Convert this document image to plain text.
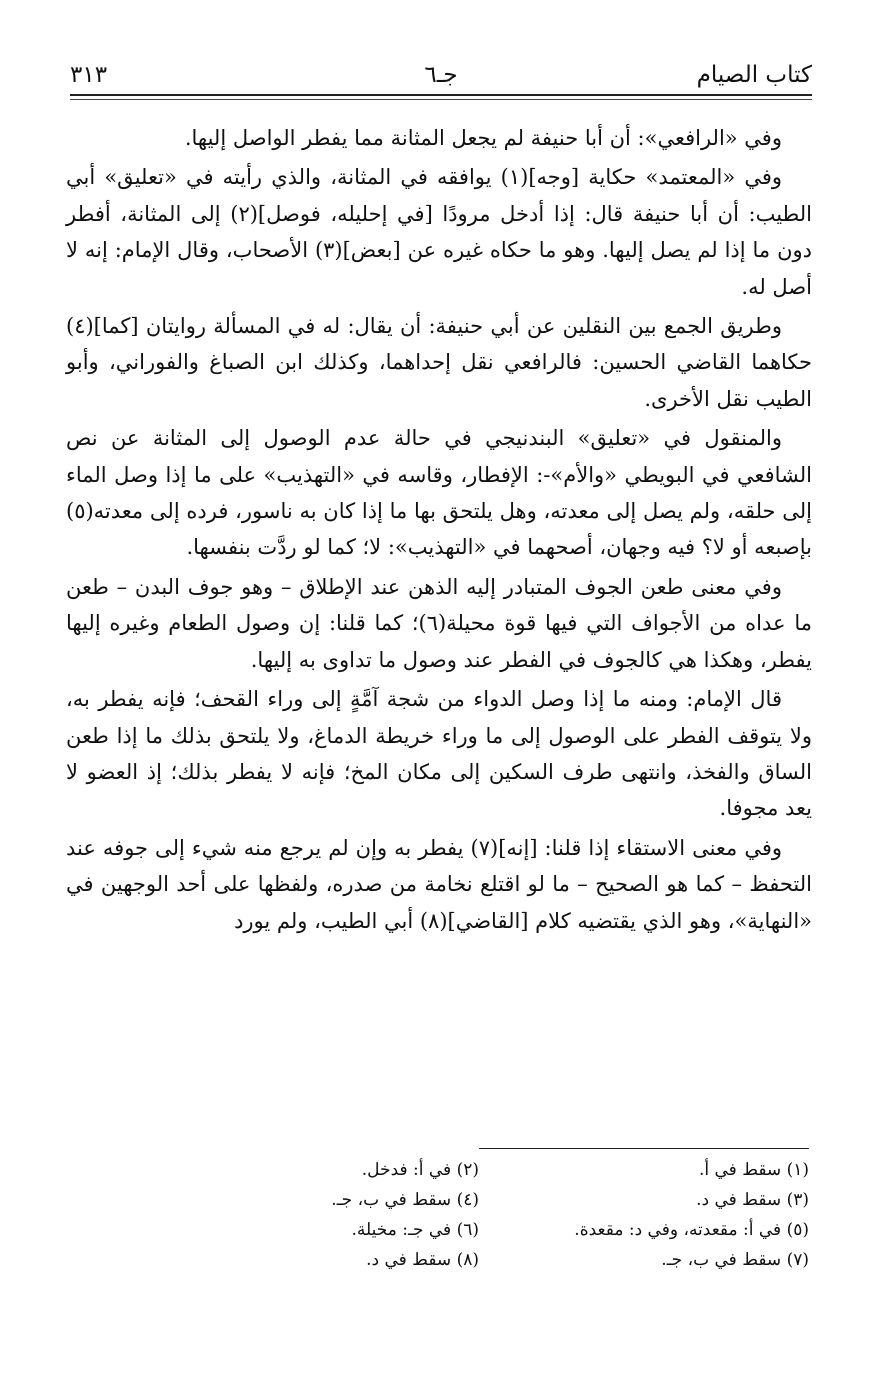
كتاب الصيام
جـ٦
٣١٣

وفي «الرافعي»: أن أبا حنيفة لم يجعل المثانة مما يفطر الواصل إليها.

وفي «المعتمد» حكاية [وجه](١) يوافقه في المثانة، والذي رأيته في «تعليق» أبي الطيب: أن أبا حنيفة قال: إذا أدخل مرودًا [في إحليله، فوصل](٢) إلى المثانة، أفطر دون ما إذا لم يصل إليها. وهو ما حكاه غيره عن [بعض](٣) الأصحاب، وقال الإمام: إنه لا أصل له.

وطريق الجمع بين النقلين عن أبي حنيفة: أن يقال: له في المسألة روايتان [كما](٤) حكاهما القاضي الحسين: فالرافعي نقل إحداهما، وكذلك ابن الصباغ والفوراني، وأبو الطيب نقل الأخرى.

والمنقول في «تعليق» البندنيجي في حالة عدم الوصول إلى المثانة عن نص الشافعي في البويطي «والأم»-: الإفطار، وقاسه في «التهذيب» على ما إذا وصل الماء إلى حلقه، ولم يصل إلى معدته، وهل يلتحق بها ما إذا كان به ناسور، فرده إلى معدته(٥) بإصبعه أو لا؟ فيه وجهان، أصحهما في «التهذيب»: لا؛ كما لو ردَّت بنفسها.

وفي معنى طعن الجوف المتبادر إليه الذهن عند الإطلاق – وهو جوف البدن – طعن ما عداه من الأجواف التي فيها قوة محيلة(٦)؛ كما قلنا: إن وصول الطعام وغيره إليها يفطر، وهكذا هي كالجوف في الفطر عند وصول ما تداوى به إليها.

قال الإمام: ومنه ما إذا وصل الدواء من شجة آمَّةٍ إلى وراء القحف؛ فإنه يفطر به، ولا يتوقف الفطر على الوصول إلى ما وراء خريطة الدماغ، ولا يلتحق بذلك ما إذا طعن الساق والفخذ، وانتهى طرف السكين إلى مكان المخ؛ فإنه لا يفطر بذلك؛ إذ العضو لا يعد مجوفا.

وفي معنى الاستقاء إذا قلنا: [إنه](٧) يفطر به وإن لم يرجع منه شيء إلى جوفه عند التحفظ – كما هو الصحيح – ما لو اقتلع نخامة من صدره، ولفظها على أحد الوجهين في «النهاية»، وهو الذي يقتضيه كلام [القاضي](٨) أبي الطيب، ولم يورد

(١) سقط في أ.
(٢) في أ: فدخل.
(٣) سقط في د.
(٤) سقط في ب، جـ.
(٥) في أ: مقعدته، وفي د: مقعدة.
(٦) في جـ: مخيلة.
(٧) سقط في ب، جـ.
(٨) سقط في د.
